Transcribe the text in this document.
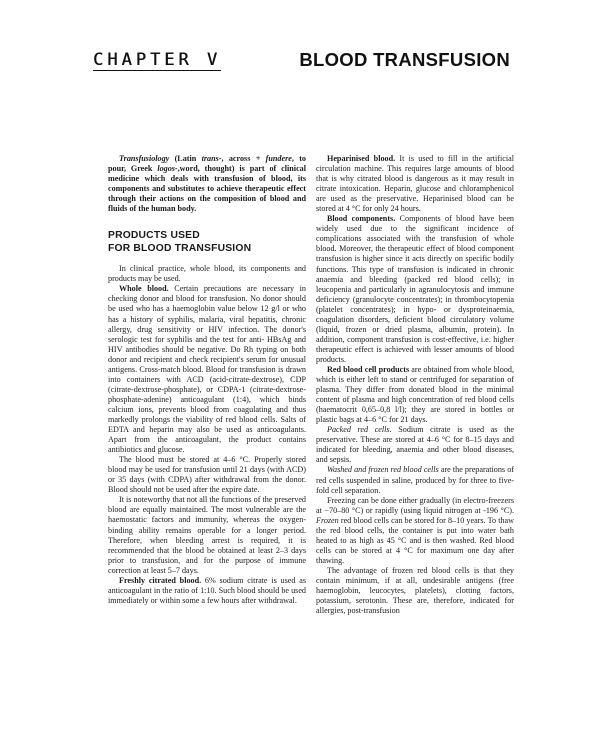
CHAPTER V	BLOOD TRANSFUSION

Transfusiology (Latin trans-, across + fundere, to pour, Greek logos-,word, thought) is part of clinical medicine which deals with transfusion of blood, its components and substitutes to achieve therapeutic effect through their actions on the composition of blood and fluids of the human body.

PRODUCTS USED
FOR BLOOD TRANSFUSION

In clinical practice, whole blood, its components and products may be used.

Whole blood. Certain precautions are necessary in checking donor and blood for transfusion. No donor should be used who has a haemoglobin value below 12 g/l or who has a history of syphilis, malaria, viral hepatitis, chronic allergy, drug sensitivity or HIV infection. The donor's serologic test for syphilis and the test for anti- HBsAg and HIV antibodies should be negative. Do Rh typing on both donor and recipient and check recipient's serum for unusual antigens. Cross-match blood. Blood for transfusion is drawn into containers with ACD (acid-citrate-dextrose), CDP (citrate-dextrose-phosphate), or CDPA-1 (citrate-dextrose-phosphate-adenine) anticoagulant (1:4), which binds calcium ions, prevents blood from coagulating and thus markedly prolongs the viability of red blood cells. Salts of EDTA and heparin may also be used as anticoagulants. Apart from the anticoagulant, the product contains antibiotics and glucose.

The blood must be stored at 4–6 °C. Properly stored blood may be used for transfusion until 21 days (with ACD) or 35 days (with CDPA) after withdrawal from the donor. Blood should not be used after the expire date.

It is noteworthy that not all the functions of the preserved blood are equally maintained. The most vulnerable are the haemostatic factors and immunity, whereas the oxygen-binding ability remains operable for a longer period. Therefore, when bleeding arrest is required, it is recommended that the blood be obtained at least 2–3 days prior to transfusion, and for the purpose of immune correction at least 5–7 days.

Freshly citrated blood. 6% sodium citrate is used as anticoagulant in the ratio of 1:10. Such blood should be used immediately or within some a few hours after withdrawal.

Heparinised blood. It is used to fill in the artificial circulation machine. This requires large amounts of blood that is why citrated blood is dangerous as it may result in citrate intoxication. Heparin, glucose and chloramphenicol are used as the preservative. Heparinised blood can be stored at 4 °C for only 24 hours.

Blood components. Components of blood have been widely used due to the significant incidence of complications associated with the transfusion of whole blood. Moreover, the therapeutic effect of blood component transfusion is higher since it acts directly on specific bodily functions. This type of transfusion is indicated in chronic anaemia and bleeding (packed red blood cells); in leucopenia and particularly in agranulocytosis and immune deficiency (granulocyte concentrates); in thrombocytopenia (platelet concentrates); in hypo- or dysproteinaemia, coagulation disorders, deficient blood circulatory volume (liquid, frozen or dried plasma, albumin, protein). In addition, component transfusion is cost-effective, i.e. higher therapeutic effect is achieved with lesser amounts of blood products.

Red blood cell products are obtained from whole blood, which is either left to stand or centrifuged for separation of plasma. They differ from donated blood in the minimal content of plasma and high concentration of red blood cells (haematocrit 0,65–0,8 l/l); they are stored in bottles or plastic bags at 4–6 °C for 21 days.

Packed red cells. Sodium citrate is used as the preservative. These are stored at 4–6 °C for 8–15 days and indicated for bleeding, anaemia and other blood diseases, and sepsis.

Washed and frozen red blood cells are the preparations of red cells suspended in saline, produced by for three to five-fold cell separation.

Freezing can be done either gradually (in electro-freezers at −70–80 °C) or rapidly (using liquid nitrogen at -196 °C). Frozen red blood cells can be stored for 8–10 years. To thaw the red blood cells, the container is put into water bath heated to as high as 45 °C and is then washed. Red blood cells can be stored at 4 °C for maximum one day after thawing.

The advantage of frozen red blood cells is that they contain minimum, if at all, undesirable antigens (free haemoglobin, leucocytes, platelets), clotting factors, potassium, serotonin. These are, therefore, indicated for allergies, post-transfusion
